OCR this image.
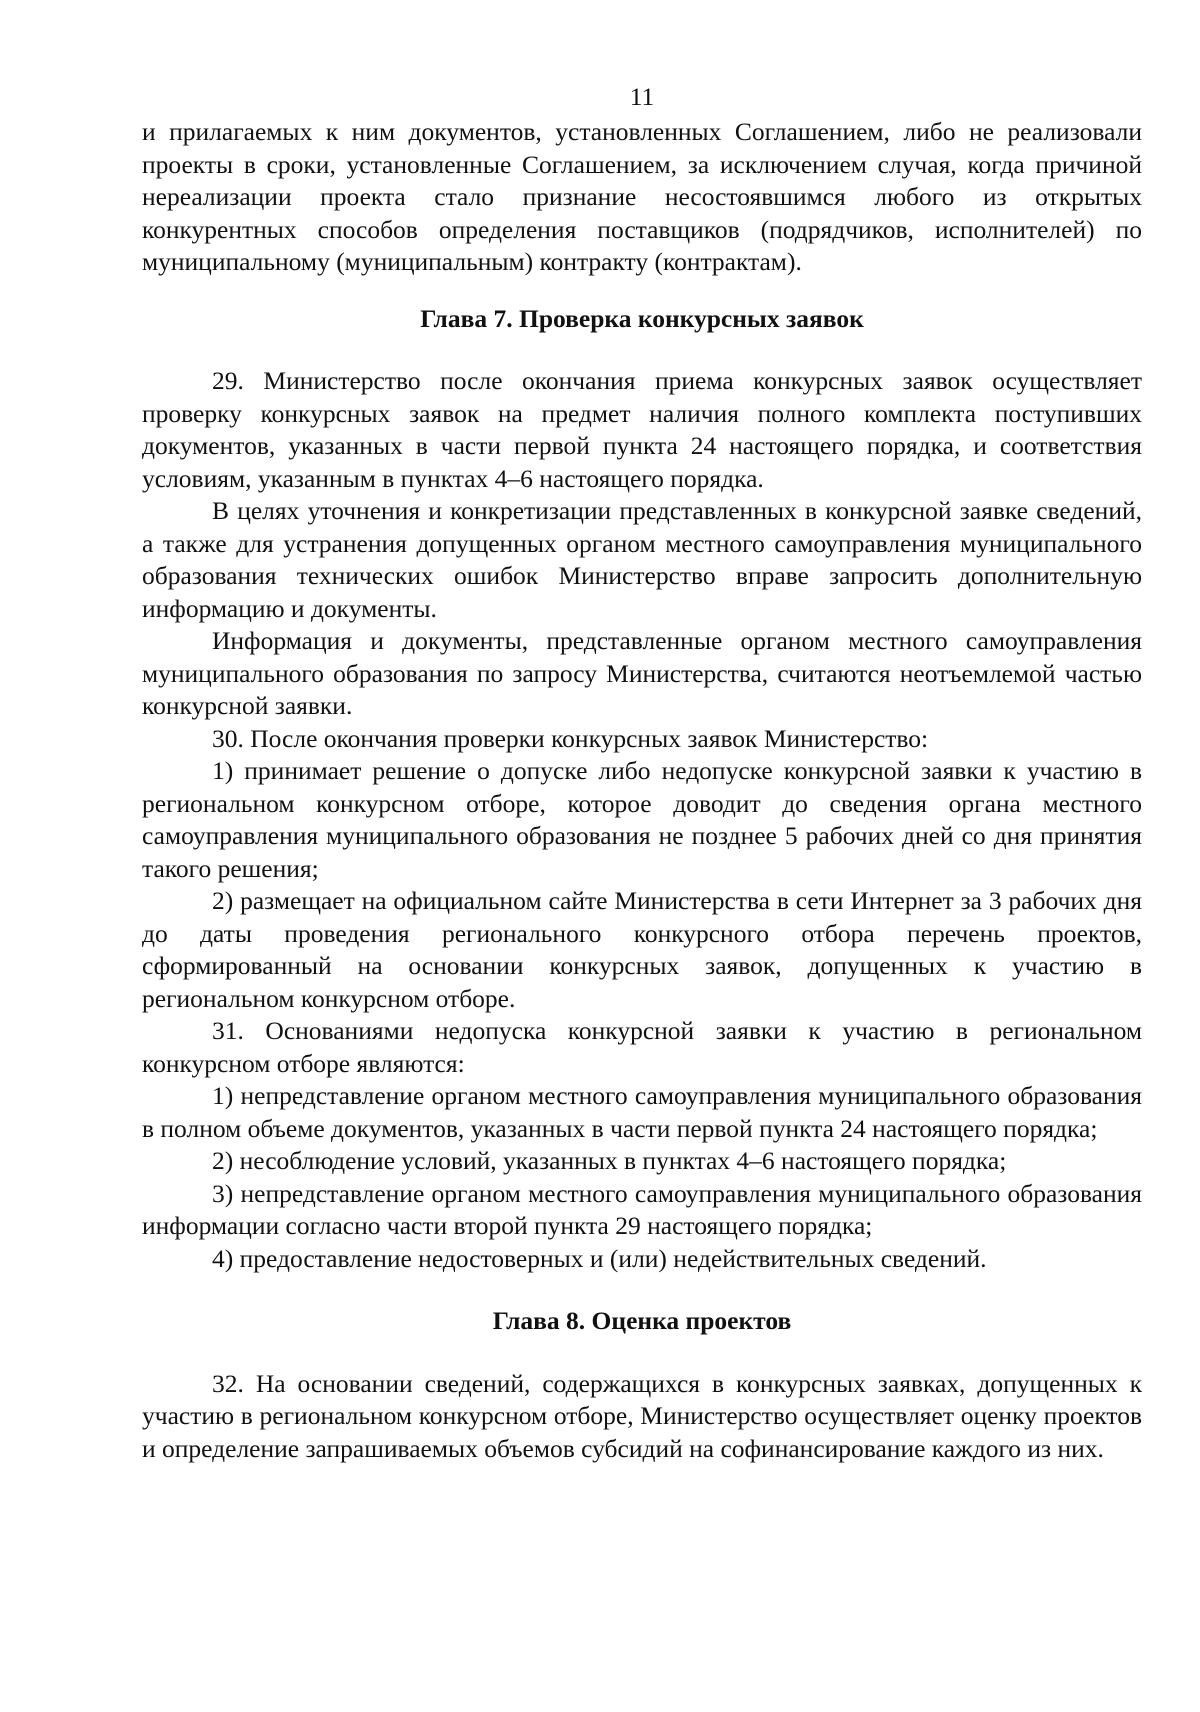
11

и прилагаемых к ним документов, установленных Соглашением, либо не реализовали проекты в сроки, установленные Соглашением, за исключением случая, когда причиной нереализации проекта стало признание несостоявшимся любого из открытых конкурентных способов определения поставщиков (подрядчиков, исполнителей) по муниципальному (муниципальным) контракту (контрактам).

Глава 7. Проверка конкурсных заявок

29. Министерство после окончания приема конкурсных заявок осуществляет проверку конкурсных заявок на предмет наличия полного комплекта поступивших документов, указанных в части первой пункта 24 настоящего порядка, и соответствия условиям, указанным в пунктах 4–6 настоящего порядка.

В целях уточнения и конкретизации представленных в конкурсной заявке сведений, а также для устранения допущенных органом местного самоуправления муниципального образования технических ошибок Министерство вправе запросить дополнительную информацию и документы.

Информация и документы, представленные органом местного самоуправления муниципального образования по запросу Министерства, считаются неотъемлемой частью конкурсной заявки.

30. После окончания проверки конкурсных заявок Министерство:

1) принимает решение о допуске либо недопуске конкурсной заявки к участию в региональном конкурсном отборе, которое доводит до сведения органа местного самоуправления муниципального образования не позднее 5 рабочих дней со дня принятия такого решения;

2) размещает на официальном сайте Министерства в сети Интернет за 3 рабочих дня до даты проведения регионального конкурсного отбора перечень проектов, сформированный на основании конкурсных заявок, допущенных к участию в региональном конкурсном отборе.

31. Основаниями недопуска конкурсной заявки к участию в региональном конкурсном отборе являются:

1) непредставление органом местного самоуправления муниципального образования в полном объеме документов, указанных в части первой пункта 24 настоящего порядка;

2) несоблюдение условий, указанных в пунктах 4–6 настоящего порядка;

3) непредставление органом местного самоуправления муниципального образования информации согласно части второй пункта 29 настоящего порядка;

4) предоставление недостоверных и (или) недействительных сведений.

Глава 8. Оценка проектов

32. На основании сведений, содержащихся в конкурсных заявках, допущенных к участию в региональном конкурсном отборе, Министерство осуществляет оценку проектов и определение запрашиваемых объемов субсидий на софинансирование каждого из них.
